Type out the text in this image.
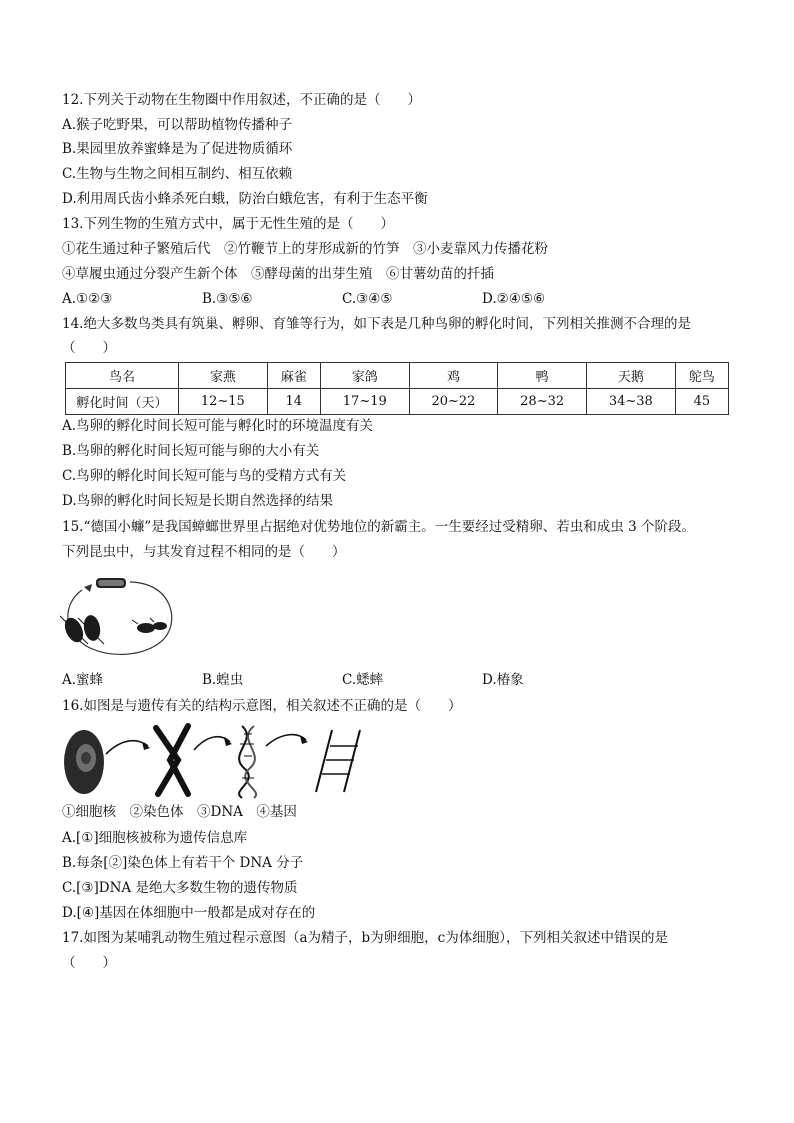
12.下列关于动物在生物圈中作用叙述，不正确的是（　　）
A.猴子吃野果，可以帮助植物传播种子
B.果园里放养蜜蜂是为了促进物质循环
C.生物与生物之间相互制约、相互依赖
D.利用周氏齿小蜂杀死白蛾，防治白蛾危害，有利于生态平衡
13.下列生物的生殖方式中，属于无性生殖的是（　　）
①花生通过种子繁殖后代　②竹鞭节上的芽形成新的竹笋　③小麦靠风力传播花粉
④草履虫通过分裂产生新个体　⑤酵母菌的出芽生殖　⑥甘薯幼苗的扦插
A.①②③	B.③⑤⑥	C.③④⑤	D.②④⑤⑥
14.绝大多数鸟类具有筑巢、孵卵、育雏等行为，如下表是几种鸟卵的孵化时间，下列相关推测不合理的是
（　　）
鸟名	家燕	麻雀	家鸽	鸡	鸭	天鹅	鸵鸟
孵化时间（天）	12~15	14	17~19	20~22	28~32	34~38	45
A.鸟卵的孵化时间长短可能与孵化时的环境温度有关
B.鸟卵的孵化时间长短可能与卵的大小有关
C.鸟卵的孵化时间长短可能与鸟的受精方式有关
D.鸟卵的孵化时间长短是长期自然选择的结果
15.“德国小蠊”是我国蟑螂世界里占据绝对优势地位的新霸主。一生要经过受精卵、若虫和成虫 3 个阶段。
下列昆虫中，与其发育过程不相同的是（　　）
A.蜜蜂	B.蝗虫	C.蟋蟀	D.椿象
16.如图是与遗传有关的结构示意图，相关叙述不正确的是（　　）
①细胞核　②染色体　③DNA　④基因
A.[①]细胞核被称为遗传信息库
B.每条[②]染色体上有若干个 DNA 分子
C.[③]DNA 是绝大多数生物的遗传物质
D.[④]基因在体细胞中一般都是成对存在的
17.如图为某哺乳动物生殖过程示意图（a为精子，b为卵细胞，c为体细胞），下列相关叙述中错误的是
（　　）
